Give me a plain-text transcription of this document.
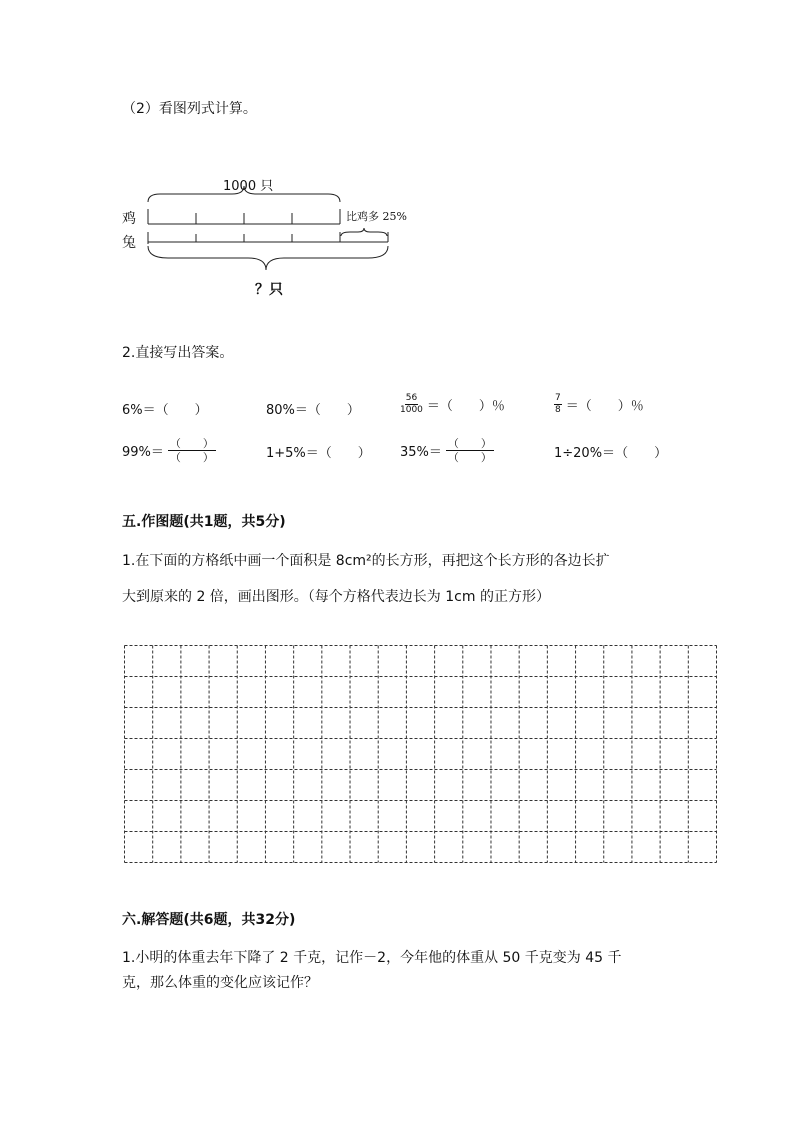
（2）看图列式计算。
1000 只
鸡
兔
比鸡多 25%
？只
2.直接写出答案。
6%＝（　　）	80%＝（　　）	$\frac{56}{1000}$ ＝（　　）％	$\frac{7}{8}$ ＝（　　）％
$99\%= \frac{( )}{( )}$	1+5%＝（　　） $35\%= \frac{( )}{( )}$	1÷20%＝（　　）
五.作图题(共1题，共5分)
1.在下面的方格纸中画一个面积是 8cm²的长方形，再把这个长方形的各边长扩
大到原来的 2 倍，画出图形。（每个方格代表边长为 1cm 的正方形）
六.解答题(共6题，共32分)
1.小明的体重去年下降了 2 千克，记作－2，今年他的体重从 50 千克变为 45 千
克，那么体重的变化应该记作？
